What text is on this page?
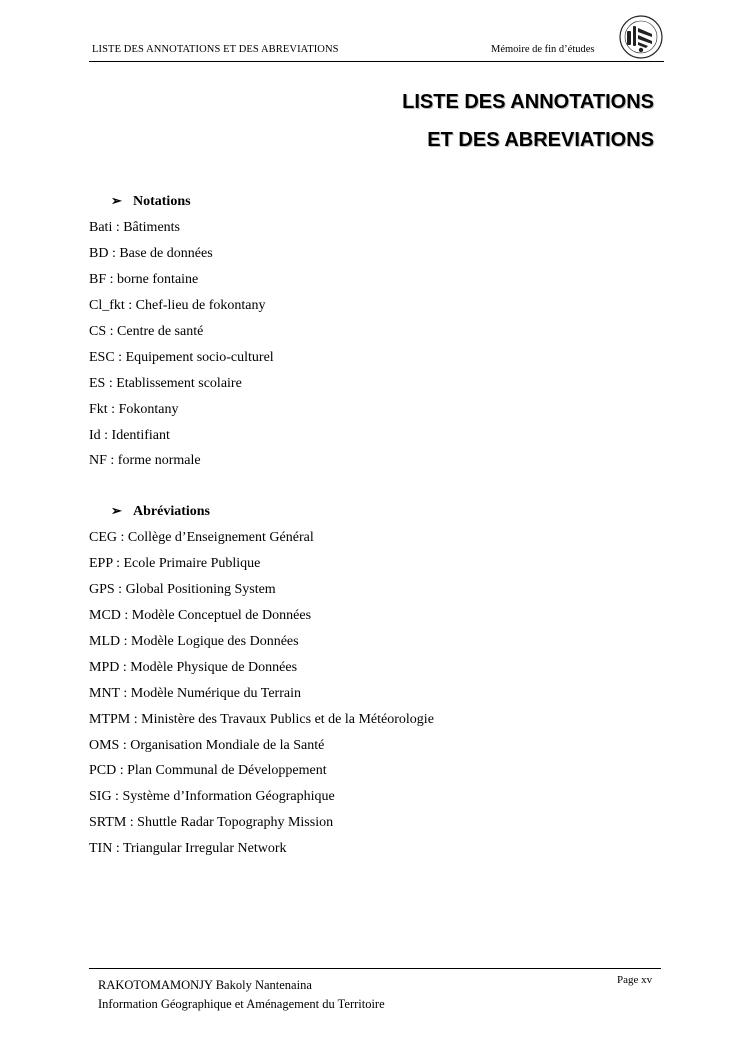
LISTE DES ANNOTATIONS ET DES ABREVIATIONS	Mémoire de fin d’études
LISTE DES ANNOTATIONS
ET DES ABREVIATIONS
➢ Notations
Bati : Bâtiments
BD : Base de données
BF : borne fontaine
Cl_fkt : Chef-lieu de fokontany
CS : Centre de santé
ESC : Equipement socio-culturel
ES : Etablissement scolaire
Fkt : Fokontany
Id : Identifiant
NF : forme normale
➢ Abréviations
CEG : Collège d’Enseignement Général
EPP : Ecole Primaire Publique
GPS : Global Positioning System
MCD : Modèle Conceptuel de Données
MLD : Modèle Logique des Données
MPD : Modèle Physique de Données
MNT : Modèle Numérique du Terrain
MTPM : Ministère des Travaux Publics et de la Météorologie
OMS : Organisation Mondiale de la Santé
PCD : Plan Communal de Développement
SIG : Système d’Information Géographique
SRTM : Shuttle Radar Topography Mission
TIN : Triangular Irregular Network
RAKOTOMAMONJY Bakoly Nantenaina
Information Géographique et Aménagement du Territoire
Page xv
